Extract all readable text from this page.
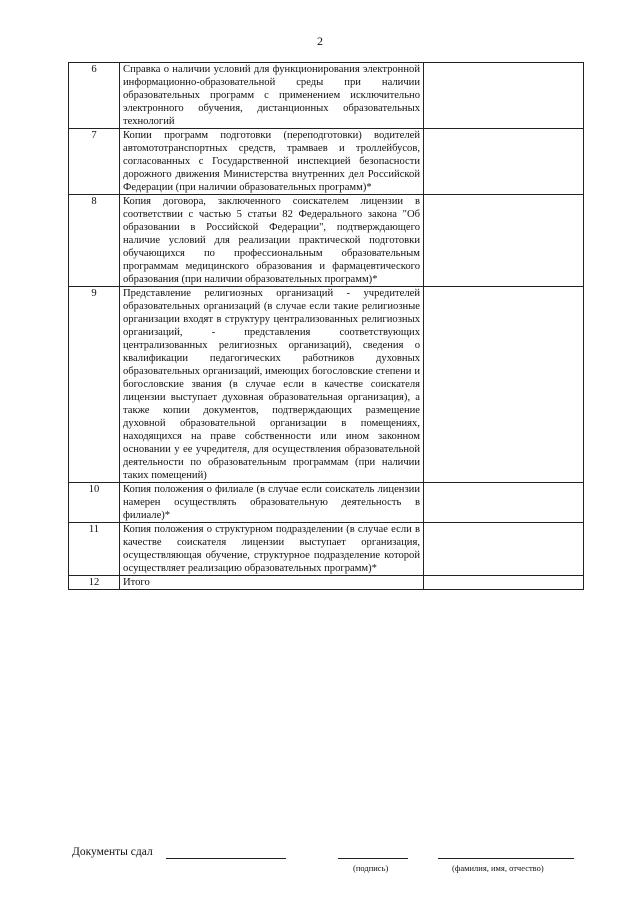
2
6	Справка о наличии условий для функционирования электронной информационно-образовательной среды при наличии образовательных программ с применением исключительно электронного обучения, дистанционных образовательных технологий	
7	Копии программ подготовки (переподготовки) водителей автомототранспортных средств, трамваев и троллейбусов, согласованных с Государственной инспекцией безопасности дорожного движения Министерства внутренних дел Российской Федерации (при наличии образовательных программ)*	
8	Копия договора, заключенного соискателем лицензии в соответствии с частью 5 статьи 82 Федерального закона "Об образовании в Российской Федерации", подтверждающего наличие условий для реализации практической подготовки обучающихся по профессиональным образовательным программам медицинского образования и фармацевтического образования (при наличии образовательных программ)*	
9	Представление религиозных организаций - учредителей образовательных организаций (в случае если такие религиозные организации входят в структуру централизованных религиозных организаций, - представления соответствующих централизованных религиозных организаций), сведения о квалификации педагогических работников духовных образовательных организаций, имеющих богословские степени и богословские звания (в случае если в качестве соискателя лицензии выступает духовная образовательная организация), а также копии документов, подтверждающих размещение духовной образовательной организации в помещениях, находящихся на праве собственности или ином законном основании у ее учредителя, для осуществления образовательной деятельности по образовательным программам (при наличии таких помещений)	
10	Копия положения о филиале (в случае если соискатель лицензии намерен осуществлять образовательную деятельность в филиале)*	
11	Копия положения о структурном подразделении (в случае если в качестве соискателя лицензии выступает организация, осуществляющая обучение, структурное подразделение которой осуществляет реализацию образовательных программ)*	
12	Итого	
Документы сдал
(подпись)	(фамилия, имя, отчество)
